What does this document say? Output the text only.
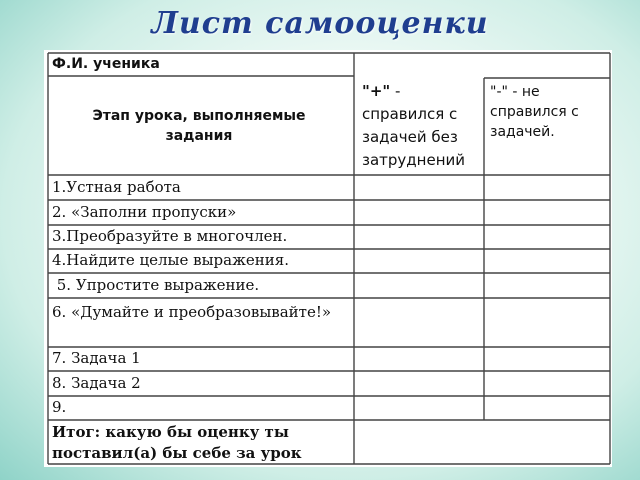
Лист самооценки
Ф.И. ученика
Этап урока, выполняемые задания
"+" - справился с задачей без затруднений
"-" - не справился с задачей.
1.Устная работа
2. «Заполни пропуски»
3.Преобразуйте в многочлен.
4.Найдите целые выражения.
5. Упростите выражение.
6. «Думайте и преобразовывайте!»
7. Задача 1
8. Задача 2
9.
Итог: какую бы оценку ты поставил(а) бы себе за урок
